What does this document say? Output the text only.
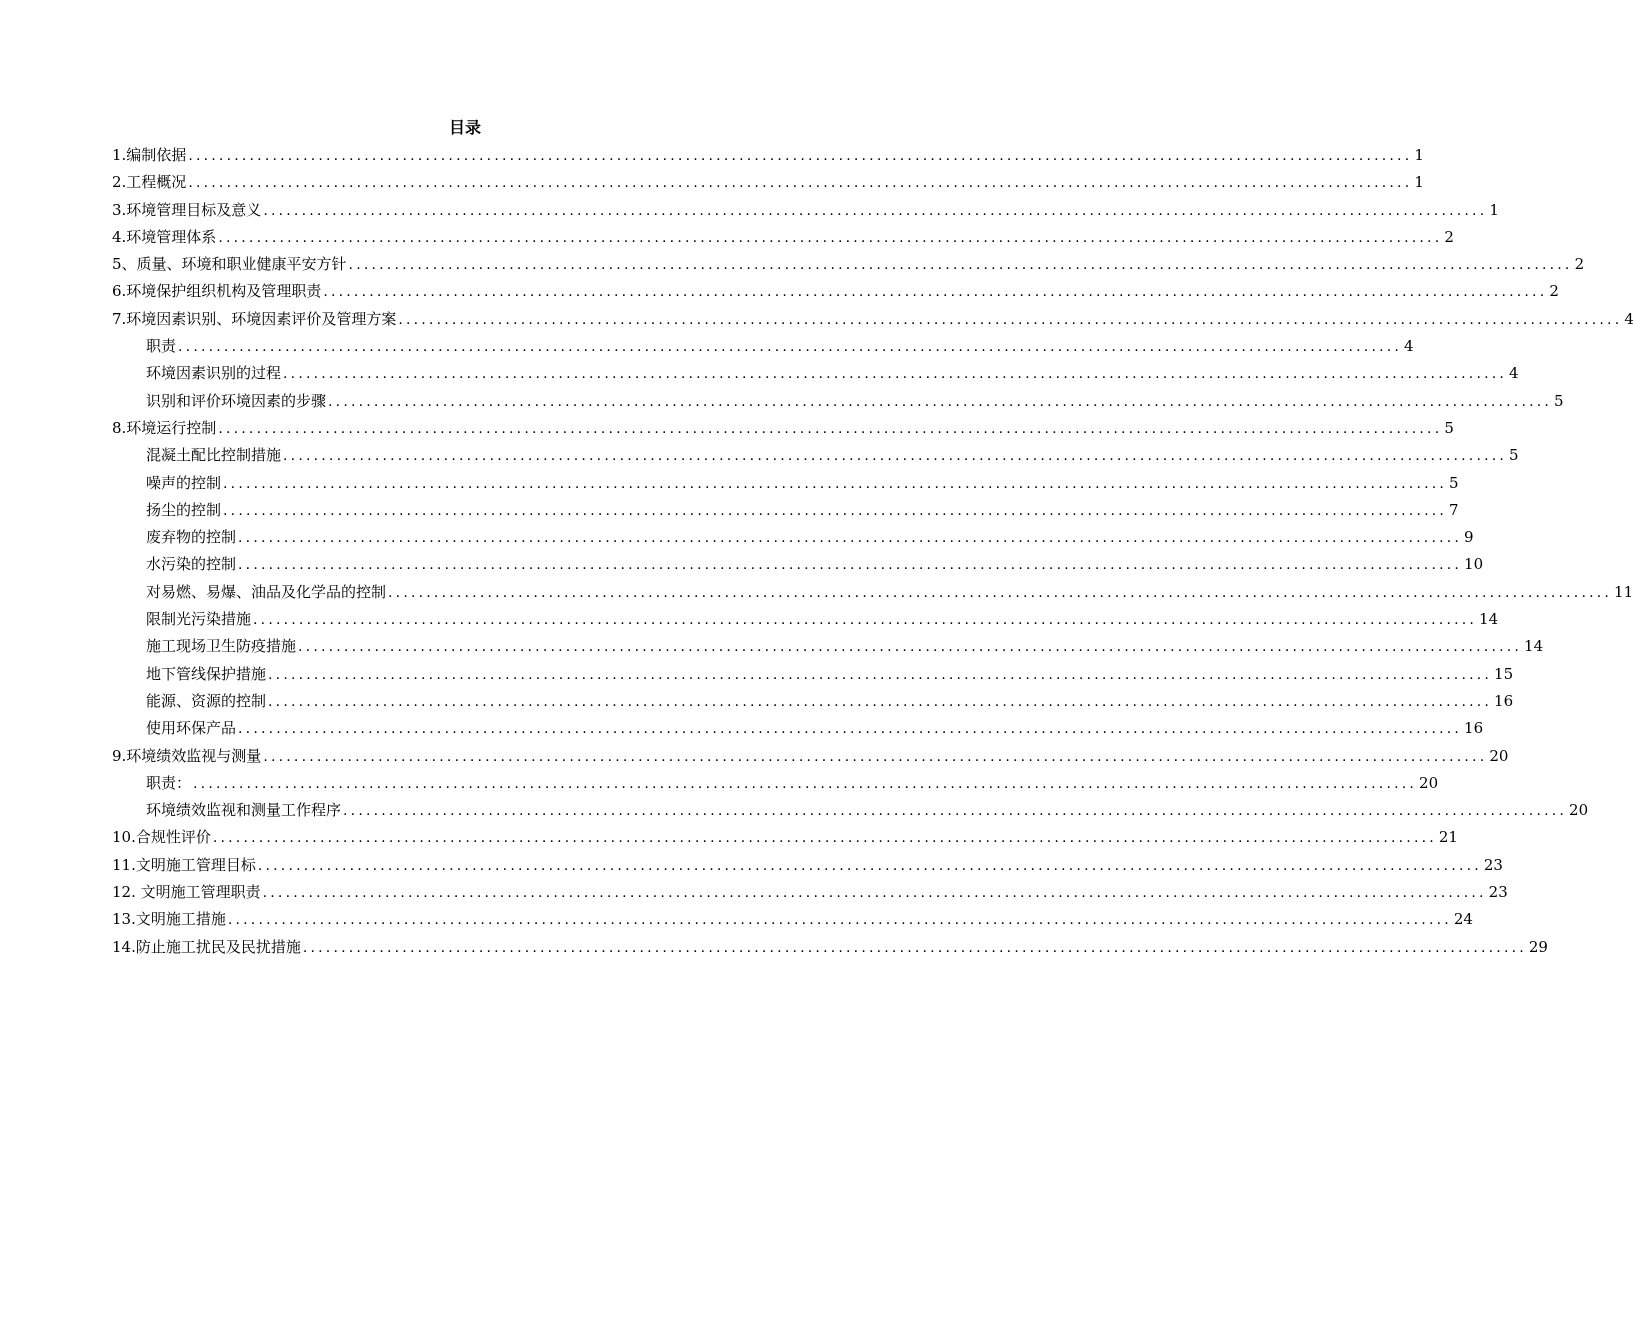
目录
1.编制依据 ................................................................................................................................................................ 1
2.工程概况 ................................................................................................................................................................ 1
3.环境管理目标及意义 ................................................................................................................................................................ 1
4.环境管理体系 ................................................................................................................................................................ 2
5、质量、环境和职业健康平安方针 ................................................................................................................................................................ 2
6.环境保护组织机构及管理职责 ................................................................................................................................................................ 2
7.环境因素识别、环境因素评价及管理方案 ................................................................................................................................................................ 4
职责 ................................................................................................................................................................ 4
环境因素识别的过程 ................................................................................................................................................................ 4
识别和评价环境因素的步骤 ................................................................................................................................................................ 5
8.环境运行控制 ................................................................................................................................................................ 5
混凝土配比控制措施 ................................................................................................................................................................ 5
噪声的控制 ................................................................................................................................................................ 5
扬尘的控制 ................................................................................................................................................................ 7
废弃物的控制 ................................................................................................................................................................ 9
水污染的控制 ................................................................................................................................................................ 10
对易燃、易爆、油品及化学品的控制 ................................................................................................................................................................ 11
限制光污染措施 ................................................................................................................................................................ 14
施工现场卫生防疫措施 ................................................................................................................................................................ 14
地下管线保护措施 ................................................................................................................................................................ 15
能源、资源的控制 ................................................................................................................................................................ 16
使用环保产品 ................................................................................................................................................................ 16
9.环境绩效监视与测量 ................................................................................................................................................................ 20
职责： ................................................................................................................................................................ 20
环境绩效监视和测量工作程序 ................................................................................................................................................................ 20
10.合规性评价 ................................................................................................................................................................ 21
11.文明施工管理目标 ................................................................................................................................................................ 23
12. 文明施工管理职责 ................................................................................................................................................................ 23
13.文明施工措施 ................................................................................................................................................................ 24
14.防止施工扰民及民扰措施 ................................................................................................................................................................ 29
